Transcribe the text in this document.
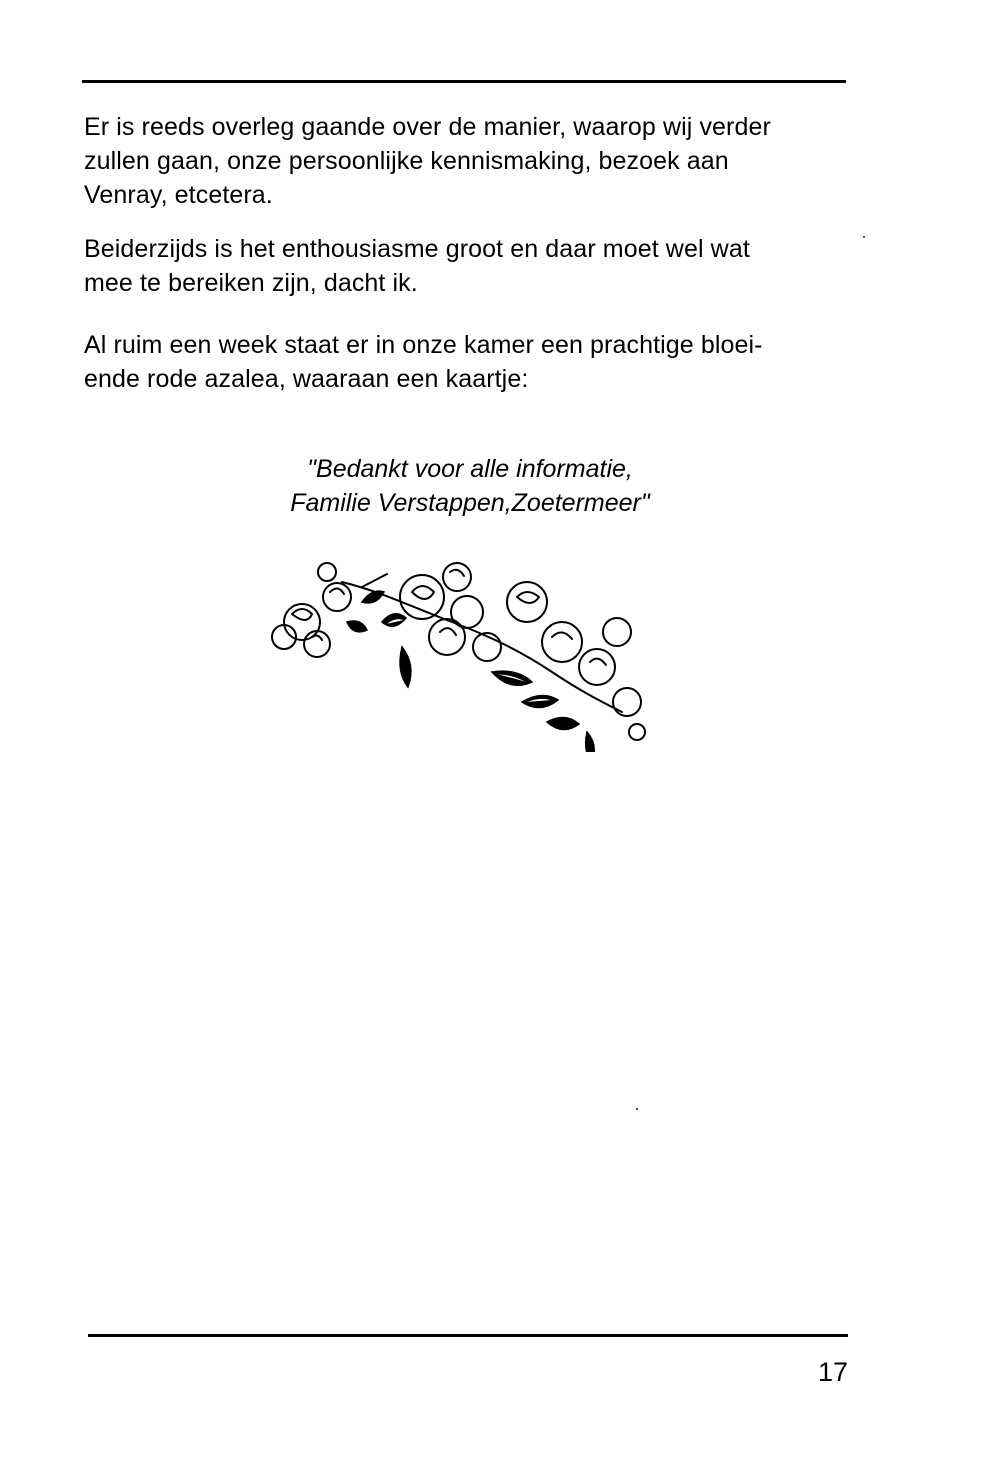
Er is reeds overleg gaande over de manier, waarop wij verder
zullen gaan, onze persoonlijke kennismaking, bezoek aan
Venray, etcetera.
Beiderzijds is het enthousiasme groot en daar moet wel wat
mee te bereiken zijn, dacht ik.
Al ruim een week staat er in onze kamer een prachtige bloei-
ende rode azalea, waaraan een kaartje:
"Bedankt voor alle informatie,
Familie Verstappen,Zoetermeer"
17
